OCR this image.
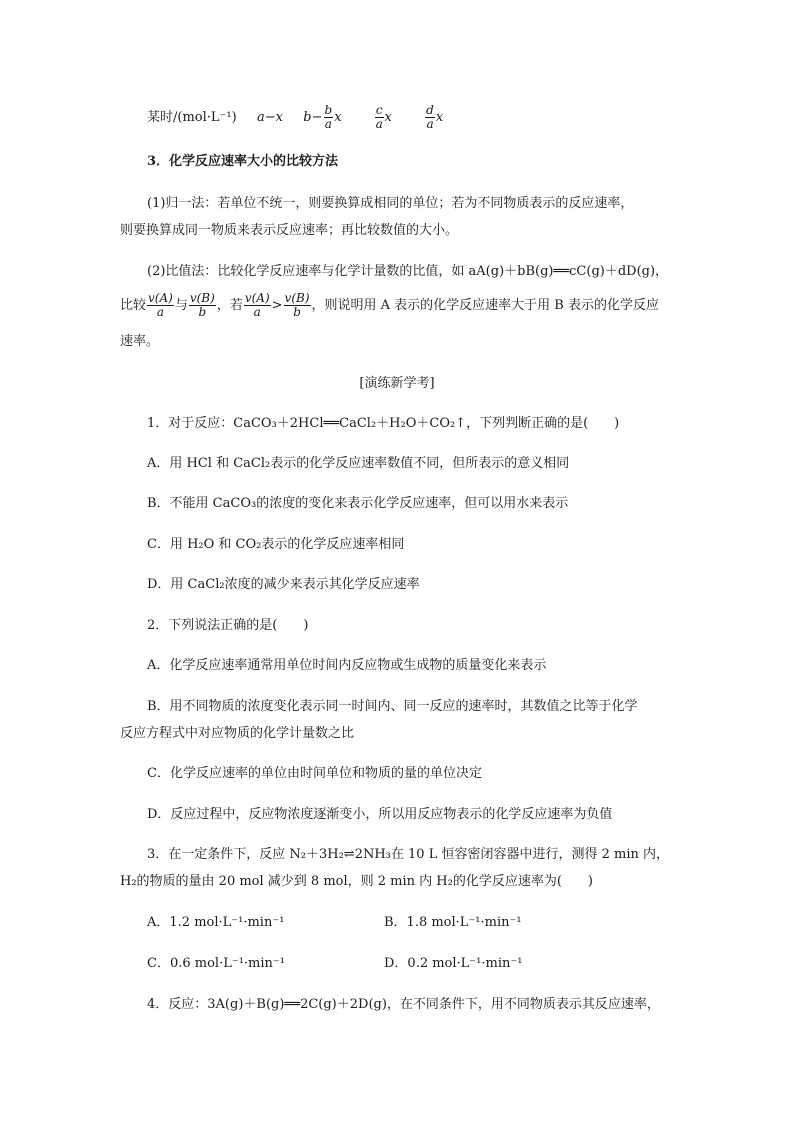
某时/(mol·L⁻¹) a−x $b- \frac{b}{a}$ x	$\frac{c}{a}$ x	$\frac{d}{a}$ x
3．化学反应速率大小的比较方法
(1)归一法：若单位不统一，则要换算成相同的单位；若为不同物质表示的反应速率，
则要换算成同一物质来表示反应速率；再比较数值的大小。
(2)比值法：比较化学反应速率与化学计量数的比值，如 aA(g)＋bB(g)══cC(g)＋dD(g)，
比较 $\frac{v(A)}{a}$ 与 $\frac{v(B)}{b}$ ，若 $\frac{v(A)}{a} > \frac{v(B)}{b}$ ，则说明用 A 表示的化学反应速率大于用 B 表示的化学反应
速率。
[演练新学考]
1．对于反应：CaCO₃＋2HCl══CaCl₂＋H₂O＋CO₂↑，下列判断正确的是(　　)
A．用 HCl 和 CaCl₂表示的化学反应速率数值不同，但所表示的意义相同
B．不能用 CaCO₃的浓度的变化来表示化学反应速率，但可以用水来表示
C．用 H₂O 和 CO₂表示的化学反应速率相同
D．用 CaCl₂浓度的减少来表示其化学反应速率
2．下列说法正确的是(　　)
A．化学反应速率通常用单位时间内反应物或生成物的质量变化来表示
B．用不同物质的浓度变化表示同一时间内、同一反应的速率时，其数值之比等于化学
反应方程式中对应物质的化学计量数之比
C．化学反应速率的单位由时间单位和物质的量的单位决定
D．反应过程中，反应物浓度逐渐变小，所以用反应物表示的化学反应速率为负值
3．在一定条件下，反应 N₂＋3H₂⇌2NH₃在 10 L 恒容密闭容器中进行，测得 2 min 内，
H₂的物质的量由 20 mol 减少到 8 mol，则 2 min 内 H₂的化学反应速率为(　　)
A．1.2 mol·L⁻¹·min⁻¹	B．1.8 mol·L⁻¹·min⁻¹
C．0.6 mol·L⁻¹·min⁻¹	D．0.2 mol·L⁻¹·min⁻¹
4．反应：3A(g)＋B(g)══2C(g)＋2D(g)，在不同条件下，用不同物质表示其反应速率，
